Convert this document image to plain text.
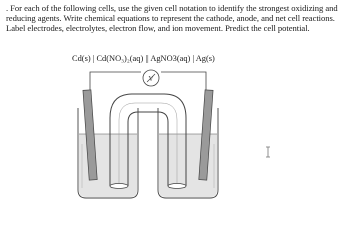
. For each of the following cells, use the given cell notation to identify the strongest oxidizing and reducing agents. Write chemical equations to represent the cathode, anode, and net cell reactions. Label electrodes, electrolytes, electron flow, and ion movement. Predict the cell potential.

Cd(s) | Cd(NO₃)₂(aq) || AgNO3(aq) | Ag(s)

V
